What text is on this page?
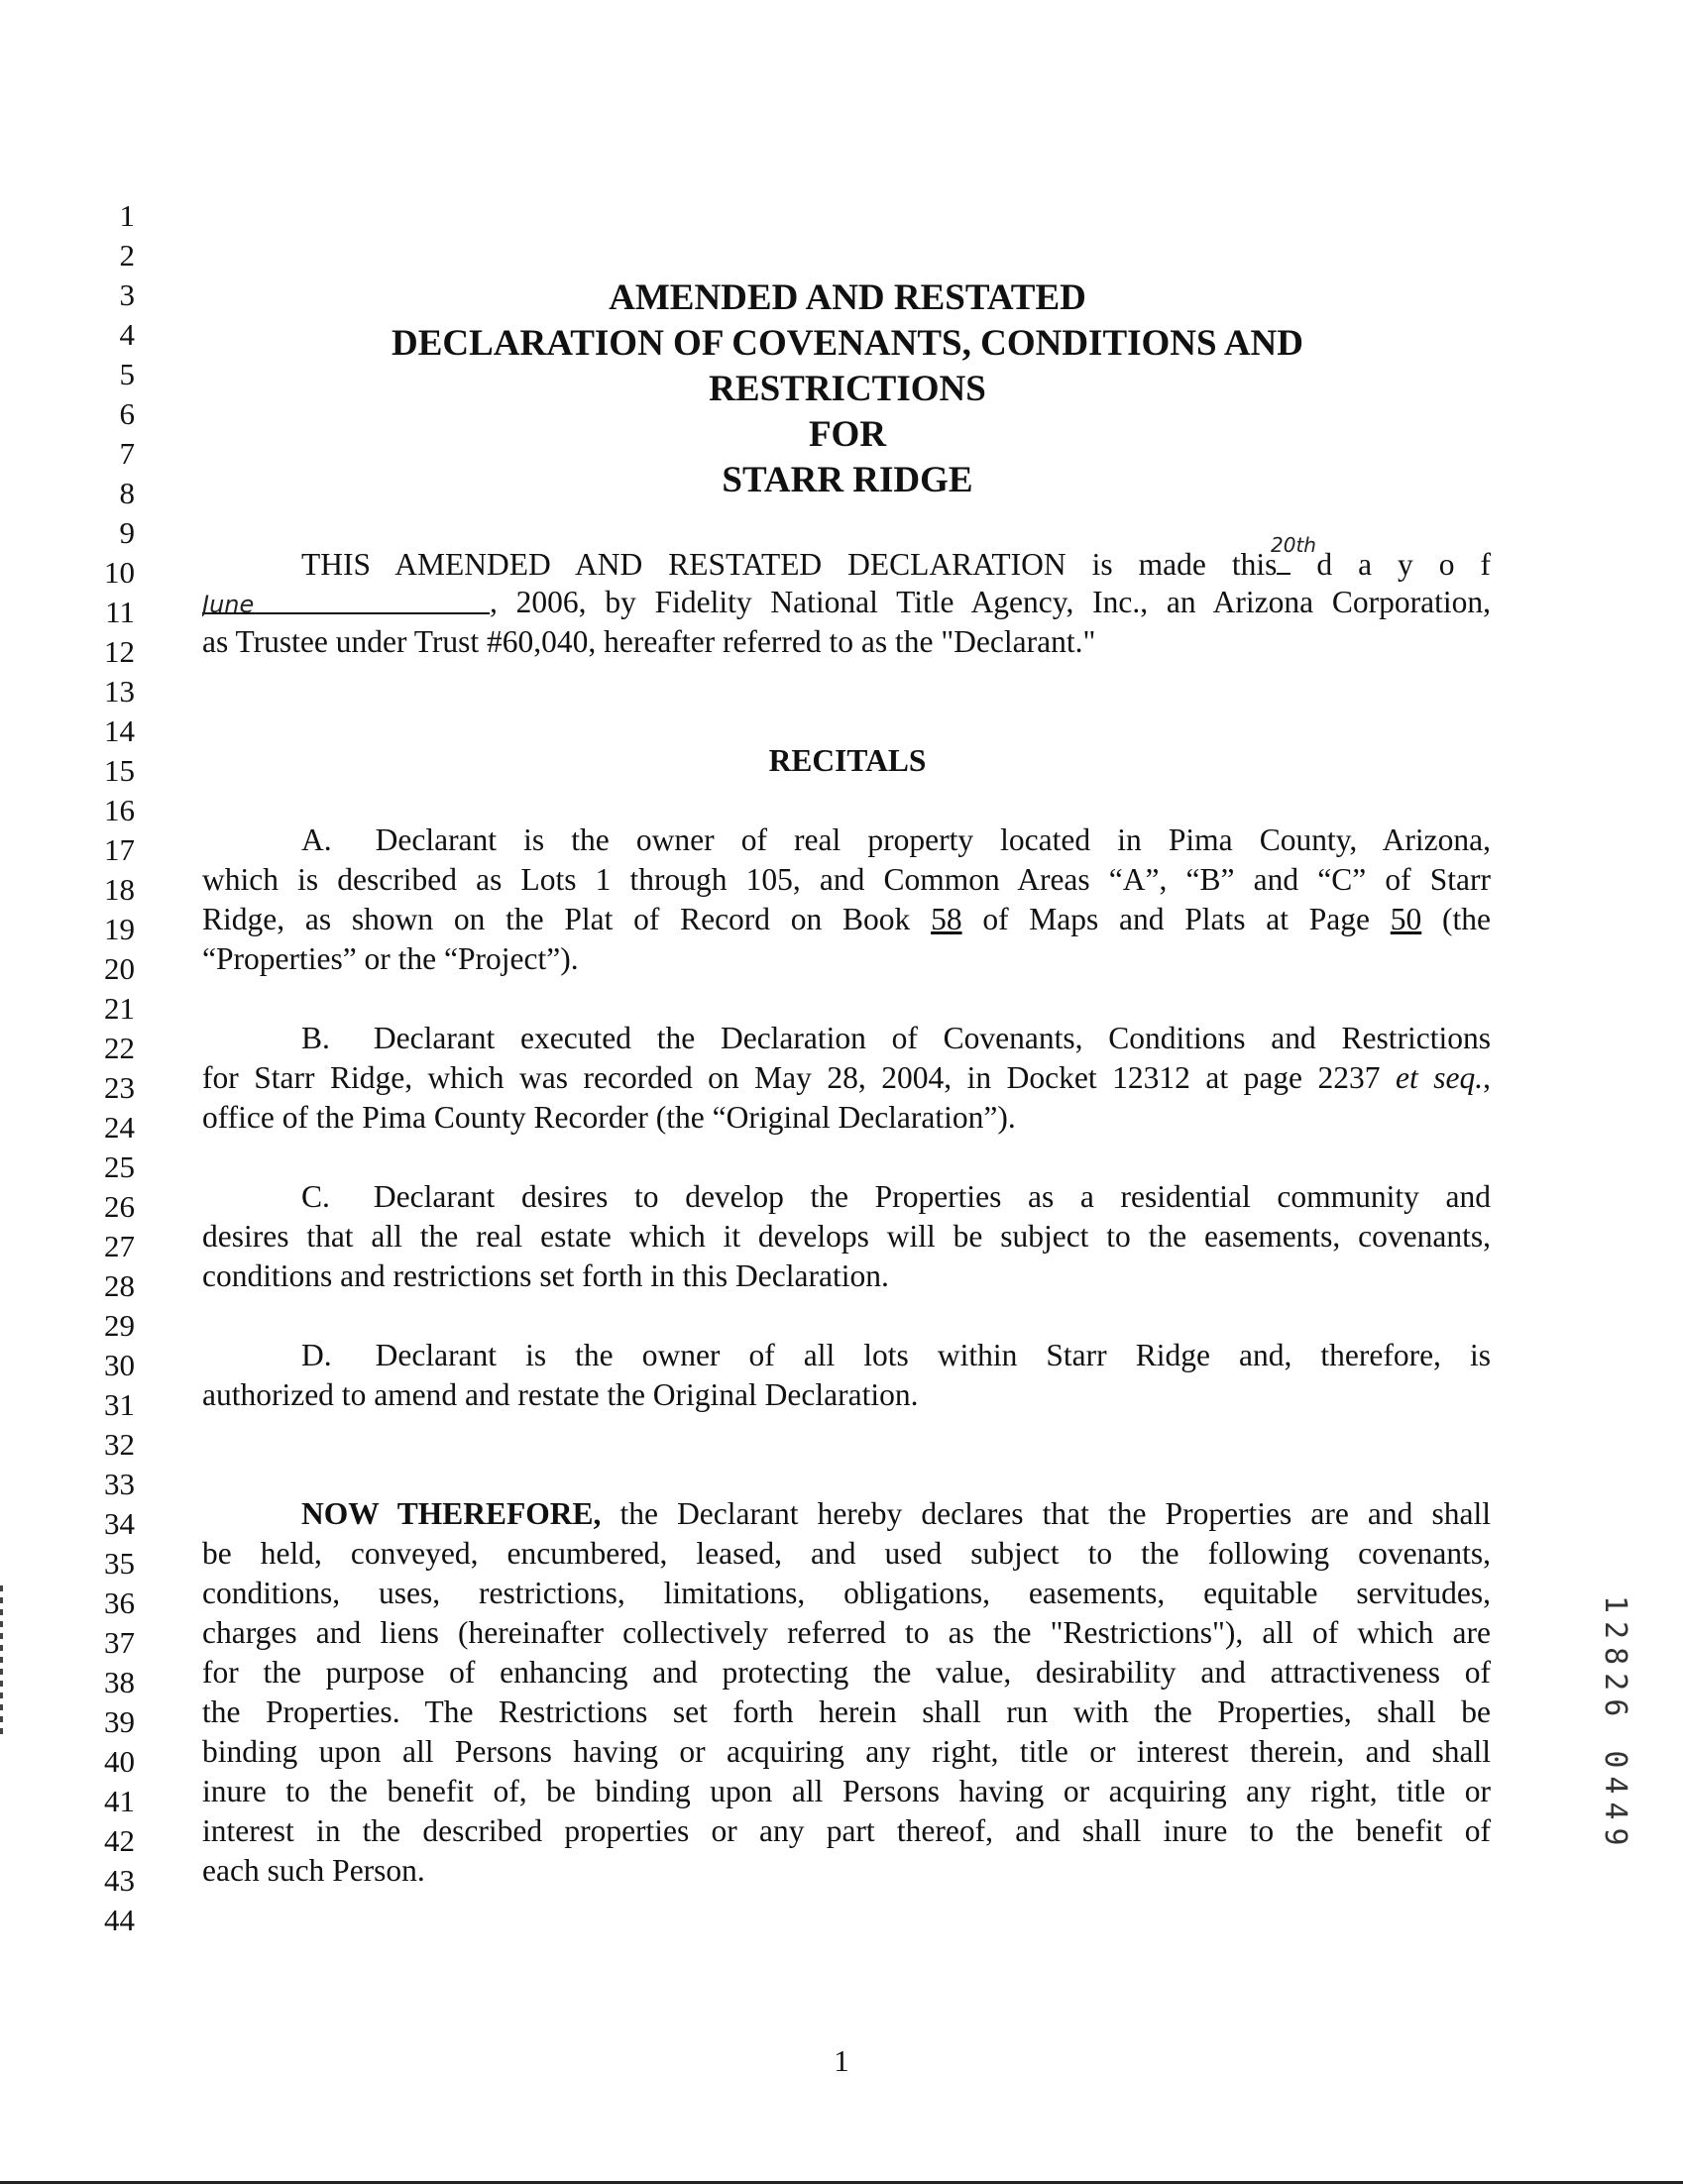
1
2
3
4
5
6
7
8
9
10
11
12
13
14
15
16
17
18
19
20
21
22
23
24
25
26
27
28
29
30
31
32
33
34
35
36
37
38
39
40
41
42
43
44
AMENDED AND RESTATED
DECLARATION OF COVENANTS, CONDITIONS AND
RESTRICTIONS
FOR
STARR RIDGE
THIS AMENDED AND RESTATED DECLARATION is made this d a y o f
June	, 2006, by Fidelity National Title Agency, Inc., an Arizona Corporation,
as Trustee under Trust #60,040, hereafter referred to as the "Declarant."
20th
RECITALS
A. Declarant is the owner of real property located in Pima County, Arizona,
which is described as Lots 1 through 105, and Common Areas “A”, “B” and “C” of Starr
Ridge, as shown on the Plat of Record on Book 58 of Maps and Plats at Page 50 (the
“Properties” or the “Project”).
B. Declarant executed the Declaration of Covenants, Conditions and Restrictions
for Starr Ridge, which was recorded on May 28, 2004, in Docket 12312 at page 2237 et seq.,
office of the Pima County Recorder (the “Original Declaration”).
C. Declarant desires to develop the Properties as a residential community and
desires that all the real estate which it develops will be subject to the easements, covenants,
conditions and restrictions set forth in this Declaration.
D. Declarant is the owner of all lots within Starr Ridge and, therefore, is
authorized to amend and restate the Original Declaration.
NOW THEREFORE, the Declarant hereby declares that the Properties are and shall
be held, conveyed, encumbered, leased, and used subject to the following covenants,
conditions, uses, restrictions, limitations, obligations, easements, equitable servitudes,
charges and liens (hereinafter collectively referred to as the "Restrictions"), all of which are
for the purpose of enhancing and protecting the value, desirability and attractiveness of
the Properties. The Restrictions set forth herein shall run with the Properties, shall be
binding upon all Persons having or acquiring any right, title or interest therein, and shall
inure to the benefit of, be binding upon all Persons having or acquiring any right, title or
interest in the described properties or any part thereof, and shall inure to the benefit of
each such Person.
12826 0449

1
